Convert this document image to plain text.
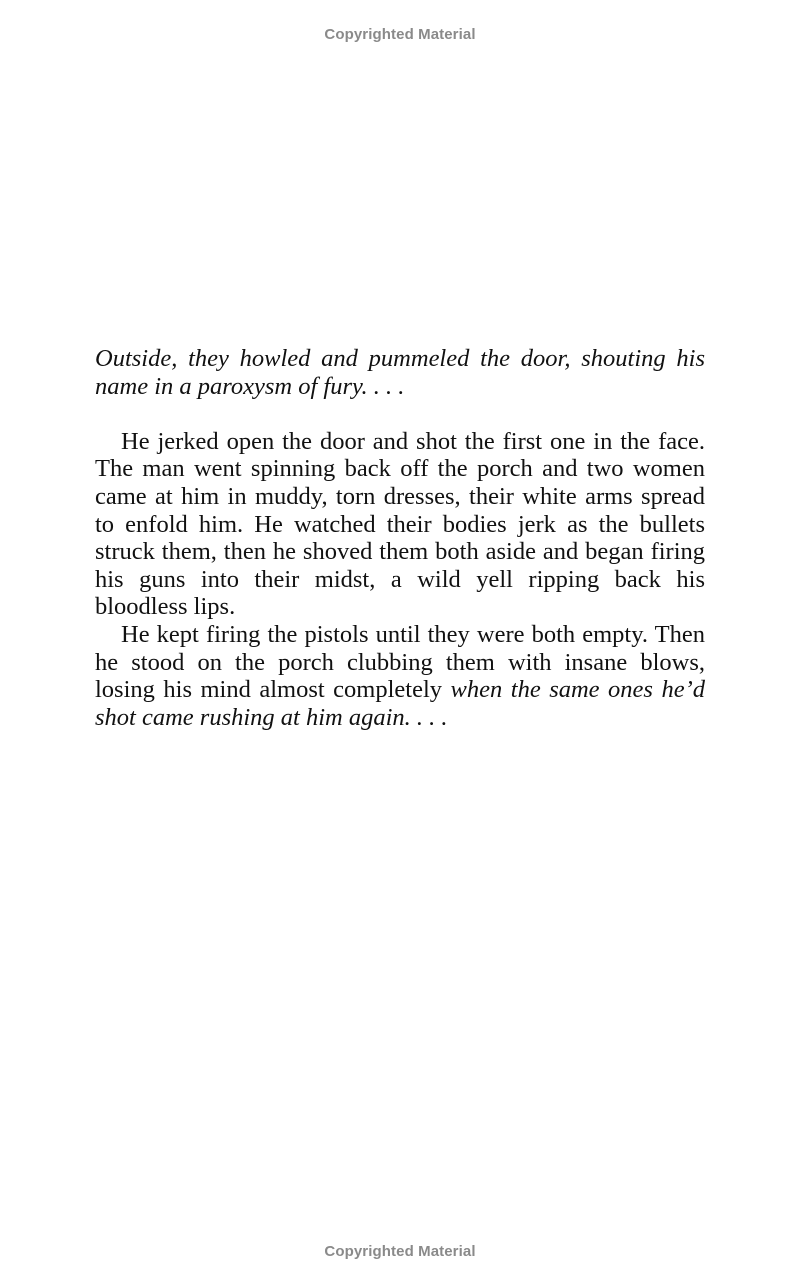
Copyrighted Material

Outside, they howled and pummeled the door, shouting his name in a paroxysm of fury. . . .

He jerked open the door and shot the first one in the face. The man went spinning back off the porch and two women came at him in muddy, torn dresses, their white arms spread to enfold him. He watched their bodies jerk as the bullets struck them, then he shoved them both aside and began firing his guns into their midst, a wild yell ripping back his bloodless lips.

He kept firing the pistols until they were both empty. Then he stood on the porch clubbing them with insane blows, losing his mind almost completely when the same ones he’d shot came rushing at him again. . . .

Copyrighted Material
